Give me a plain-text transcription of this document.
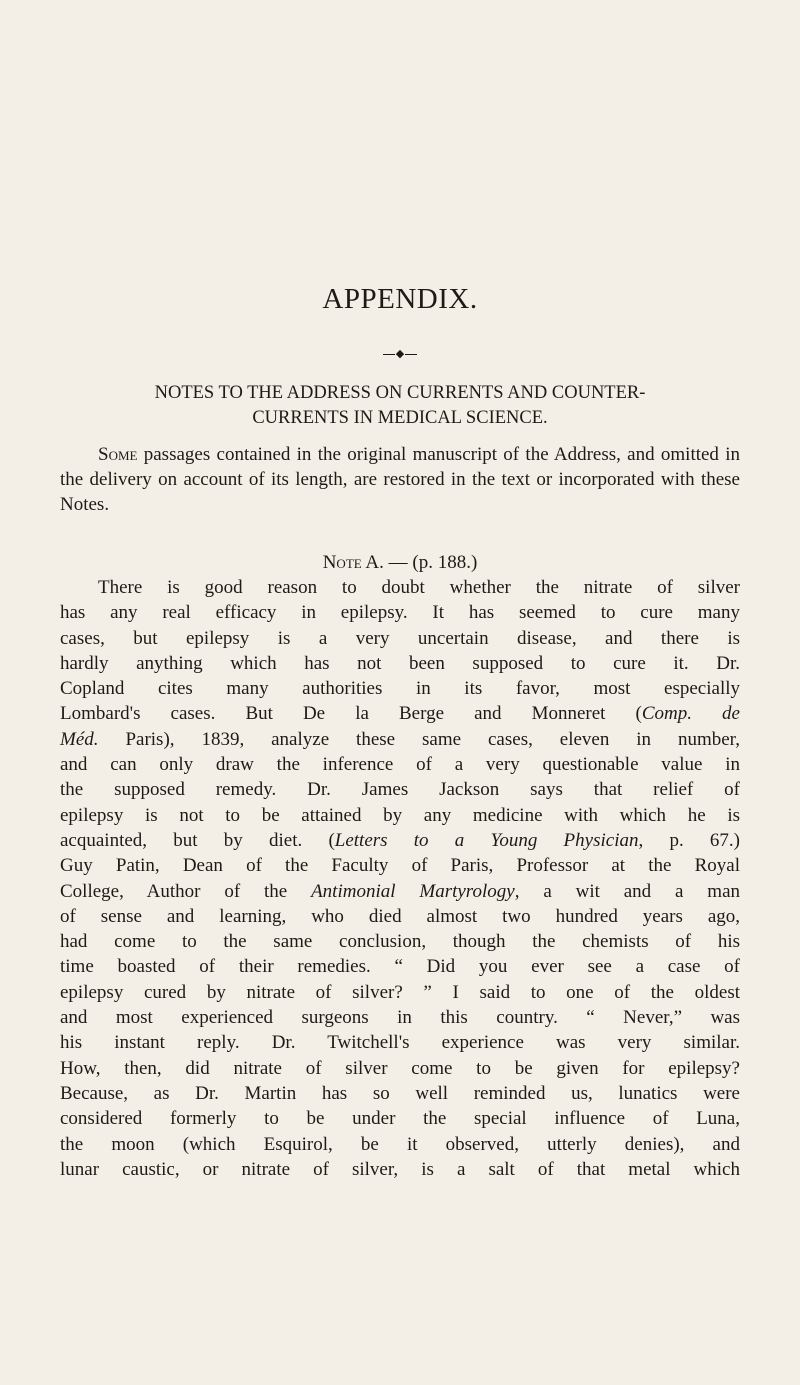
APPENDIX.
◆
NOTES TO THE ADDRESS ON CURRENTS AND COUNTER-
CURRENTS IN MEDICAL SCIENCE.

Some passages contained in the original manuscript of the Address, and omitted in the delivery on account of its length, are restored in the text or incorporated with these Notes.

Note A. — (p. 188.)
There is good reason to doubt whether the nitrate of silver
has any real efficacy in epilepsy. It has seemed to cure many
cases, but epilepsy is a very uncertain disease, and there is
hardly anything which has not been supposed to cure it. Dr.
Copland cites many authorities in its favor, most especially
Lombard's cases. But De la Berge and Monneret (Comp. de
Méd. Paris), 1839, analyze these same cases, eleven in number,
and can only draw the inference of a very questionable value in
the supposed remedy. Dr. James Jackson says that relief of
epilepsy is not to be attained by any medicine with which he is
acquainted, but by diet. (Letters to a Young Physician, p. 67.)
Guy Patin, Dean of the Faculty of Paris, Professor at the Royal
College, Author of the Antimonial Martyrology, a wit and a man
of sense and learning, who died almost two hundred years ago,
had come to the same conclusion, though the chemists of his
time boasted of their remedies. “ Did you ever see a case of
epilepsy cured by nitrate of silver? ” I said to one of the oldest
and most experienced surgeons in this country. “ Never,” was
his instant reply. Dr. Twitchell's experience was very similar.
How, then, did nitrate of silver come to be given for epilepsy?
Because, as Dr. Martin has so well reminded us, lunatics were
considered formerly to be under the special influence of Luna,
the moon (which Esquirol, be it observed, utterly denies), and
lunar caustic, or nitrate of silver, is a salt of that metal which
